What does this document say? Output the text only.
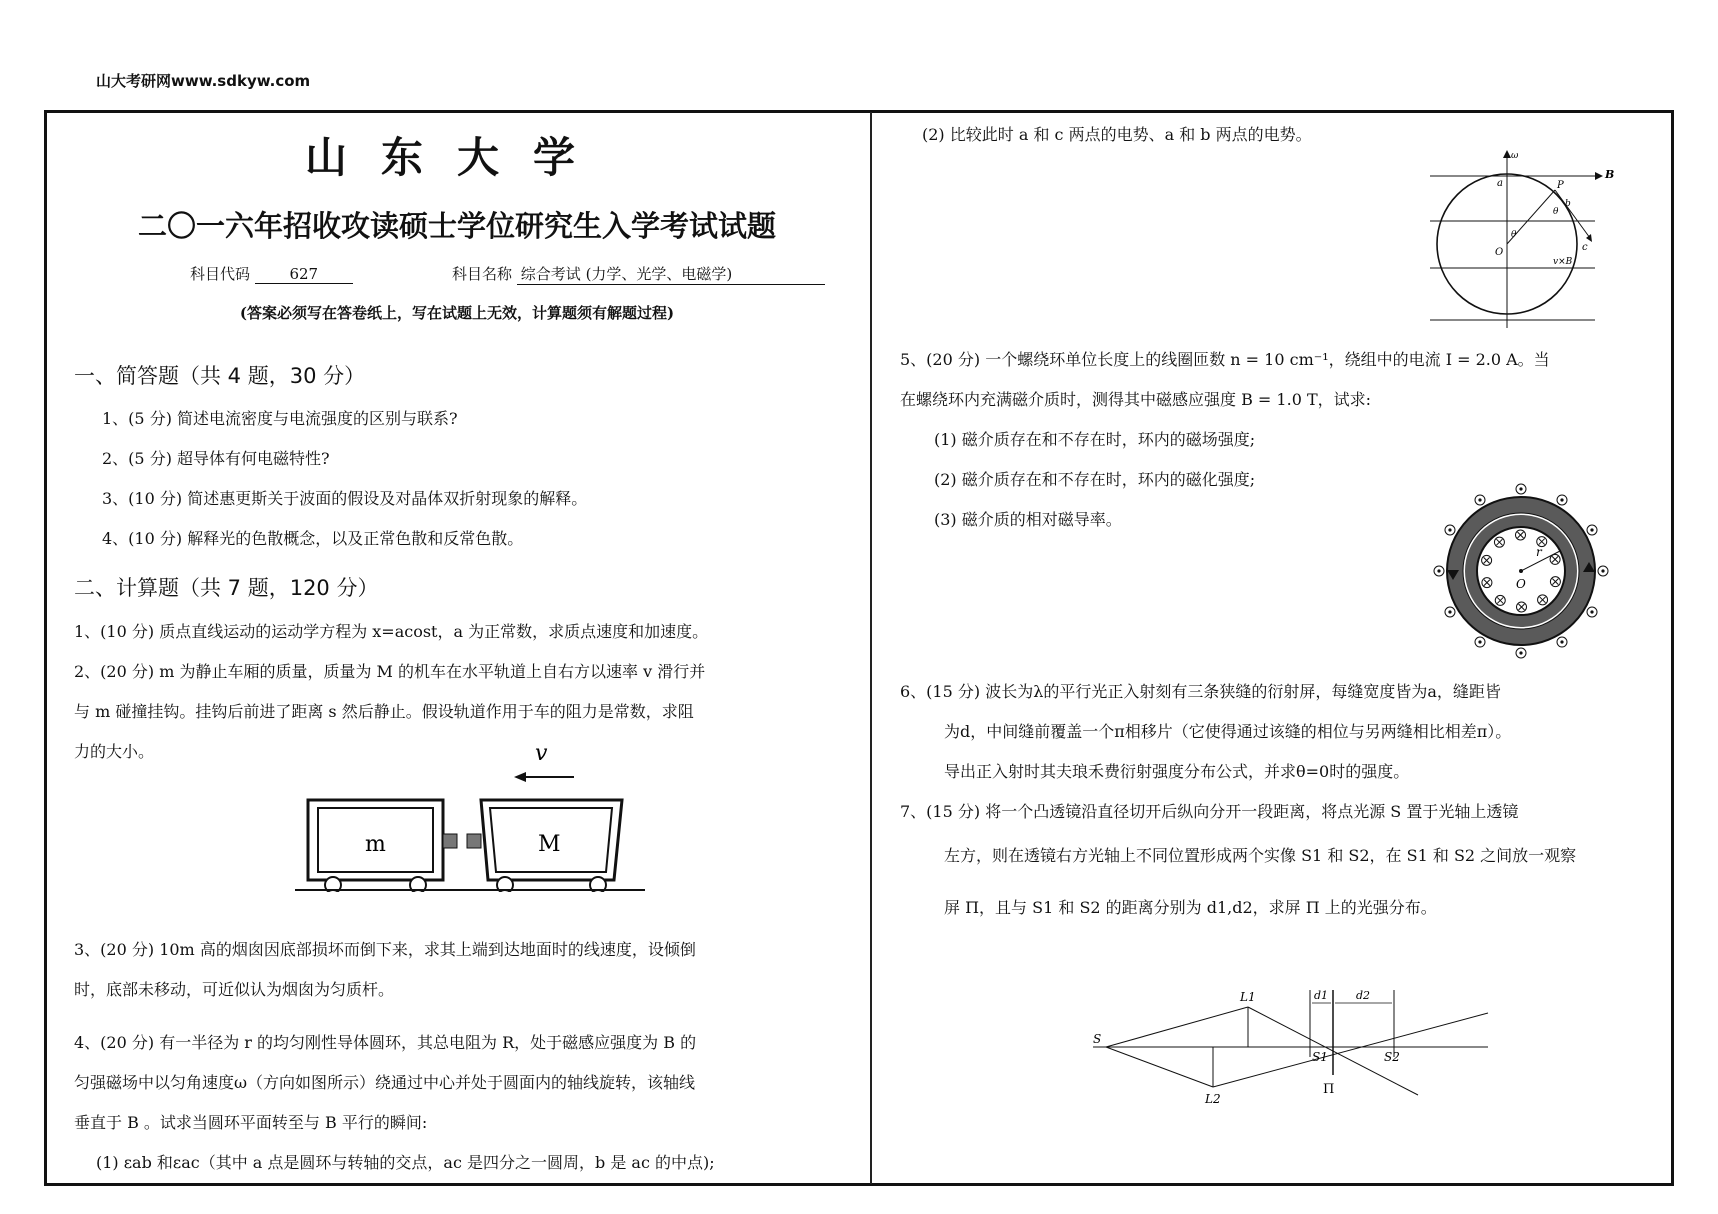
山大考研网www.sdkyw.com
山东大学
二〇一六年招收攻读硕士学位研究生入学考试试题
科目代码	627	科目名称 综合考试 (力学、光学、电磁学)
(答案必须写在答卷纸上，写在试题上无效，计算题须有解题过程)
一、简答题（共 4 题，30 分）
1、(5 分) 简述电流密度与电流强度的区别与联系?
2、(5 分) 超导体有何电磁特性?
3、(10 分) 简述惠更斯关于波面的假设及对晶体双折射现象的解释。
4、(10 分) 解释光的色散概念，以及正常色散和反常色散。
二、计算题（共 7 题，120 分）
1、(10 分) 质点直线运动的运动学方程为 x=acost，a 为正常数，求质点速度和加速度。
2、(20 分) m 为静止车厢的质量，质量为 M 的机车在水平轨道上自右方以速率 v 滑行并
与 m 碰撞挂钩。挂钩后前进了距离 s 然后静止。假设轨道作用于车的阻力是常数，求阻
力的大小。	v
m	M
3、(20 分) 10m 高的烟囱因底部损坏而倒下来，求其上端到达地面时的线速度，设倾倒
时，底部未移动，可近似认为烟囱为匀质杆。
4、(20 分) 有一半径为 r 的均匀刚性导体圆环，其总电阻为 R，处于磁感应强度为 B 的
匀强磁场中以匀角速度ω（方向如图所示）绕通过中心并处于圆面内的轴线旋转，该轴线
垂直于 B 。试求当圆环平面转至与 B 平行的瞬间:
(1) εab 和εac（其中 a 点是圆环与转轴的交点，ac 是四分之一圆周，b 是 ac 的中点);
(2) 比较此时 a 和 c 两点的电势、a 和 b 两点的电势。
ω
B
a	P
b
θ
θ
c
O
v×B
5、(20 分) 一个螺绕环单位长度上的线圈匝数 n = 10 cm⁻¹，绕组中的电流 I = 2.0 A。当
在螺绕环内充满磁介质时，测得其中磁感应强度 B = 1.0 T，试求:
(1) 磁介质存在和不存在时，环内的磁场强度;
(2) 磁介质存在和不存在时，环内的磁化强度;
(3) 磁介质的相对磁导率。
r
O
6、(15 分) 波长为λ的平行光正入射刻有三条狭缝的衍射屏，每缝宽度皆为a，缝距皆
为d，中间缝前覆盖一个π相移片（它使得通过该缝的相位与另两缝相比相差π）。
导出正入射时其夫琅禾费衍射强度分布公式，并求θ=0时的强度。
7、(15 分) 将一个凸透镜沿直径切开后纵向分开一段距离，将点光源 S 置于光轴上透镜
左方，则在透镜右方光轴上不同位置形成两个实像 S1 和 S2，在 S1 和 S2 之间放一观察
屏 Π，且与 S1 和 S2 的距离分别为 d1,d2，求屏 Π 上的光强分布。
S
L1
L2
S1	S2
d1	d2
Π
